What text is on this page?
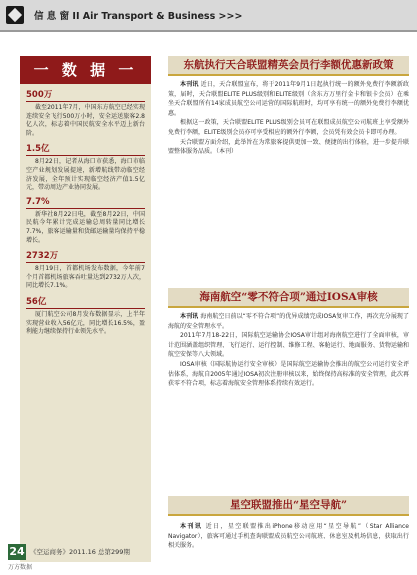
信 息 窗 II Air Transport & Business >>>
一 数 据 一
500万

截至2011年7月，中国东方航空已经实现连续安全飞行500万小时，安全运送旅客2.8亿人次，标志着中国民航安全水平迈上新台阶。

1.5亿

8月22日，记者从海口市获悉，海口市临空产业规划发展提速，新增航线带动临空经济发展，全年预计实现临空经济产值1.5亿元，带动周边产业协同发展。

7.7%

新华社8月22日电，截至8月22日，中国民航今年累计完成运输总周转量同比增长7.7%，旅客运输量和货邮运输量均保持平稳增长。

2732万

8月19日，首都机场发布数据，今年前7个月首都机场旅客吞吐量达到2732万人次，同比增长7.1%。

56亿

厦门航空公司8月发布数据显示，上半年实现营业收入56亿元，同比增长16.5%，盈利能力继续保持行业领先水平。

东航执行天合联盟精英会员行李额优惠新政策

本刊讯 近日，天合联盟宣布，将于2011年9月1日起执行统一的额外免费行李额新政策，届时，天合联盟ELITE PLUS级别和ELITE级别（含东方万里行金卡和银卡会员）在乘坐天合联盟所有14家成员航空公司运营的国际航班时，均可享有统一的额外免费行李额优惠。

根据这一政策，天合联盟ELITE PLUS级别会员可在联盟成员航空公司航班上享受额外免费行李额，ELITE级别会员亦可享受相应的额外行李额，会员凭有效会员卡即可办理。

天合联盟方面介绍，此举旨在为常旅客提供更加一致、便捷的出行体验，进一步提升联盟整体服务品质。（本刊）

海南航空“零不符合项”通过IOSA审核

本刊讯 海南航空日前以“零不符合项”的优异成绩完成IOSA复审工作，再次充分展现了海航的安全管理水平。

2011年7月18-22日，国际航空运输协会IOSA审计组对海南航空进行了全面审核，审计范围涵盖组织管理、飞行运行、运行控制、维修工程、客舱运行、地面服务、货物运输和航空安保等八大领域。

IOSA审核（国际航协运行安全审核）是国际航空运输协会推出的航空公司运行安全评估体系，海航自2005年通过IOSA初次注册审核以来，始终保持高标准的安全管理，此次再获零不符合项，标志着海航安全管理体系持续有效运行。

星空联盟推出“星空导航”

本刊讯 近日，星空联盟推出iPhone移动应用“星空导航”（Star Alliance Navigator），旅客可通过手机查询联盟成员航空公司航班、休息室及机场信息，获取出行相关服务。

24 《空运商务》2011.16 总第299期
万方数据
